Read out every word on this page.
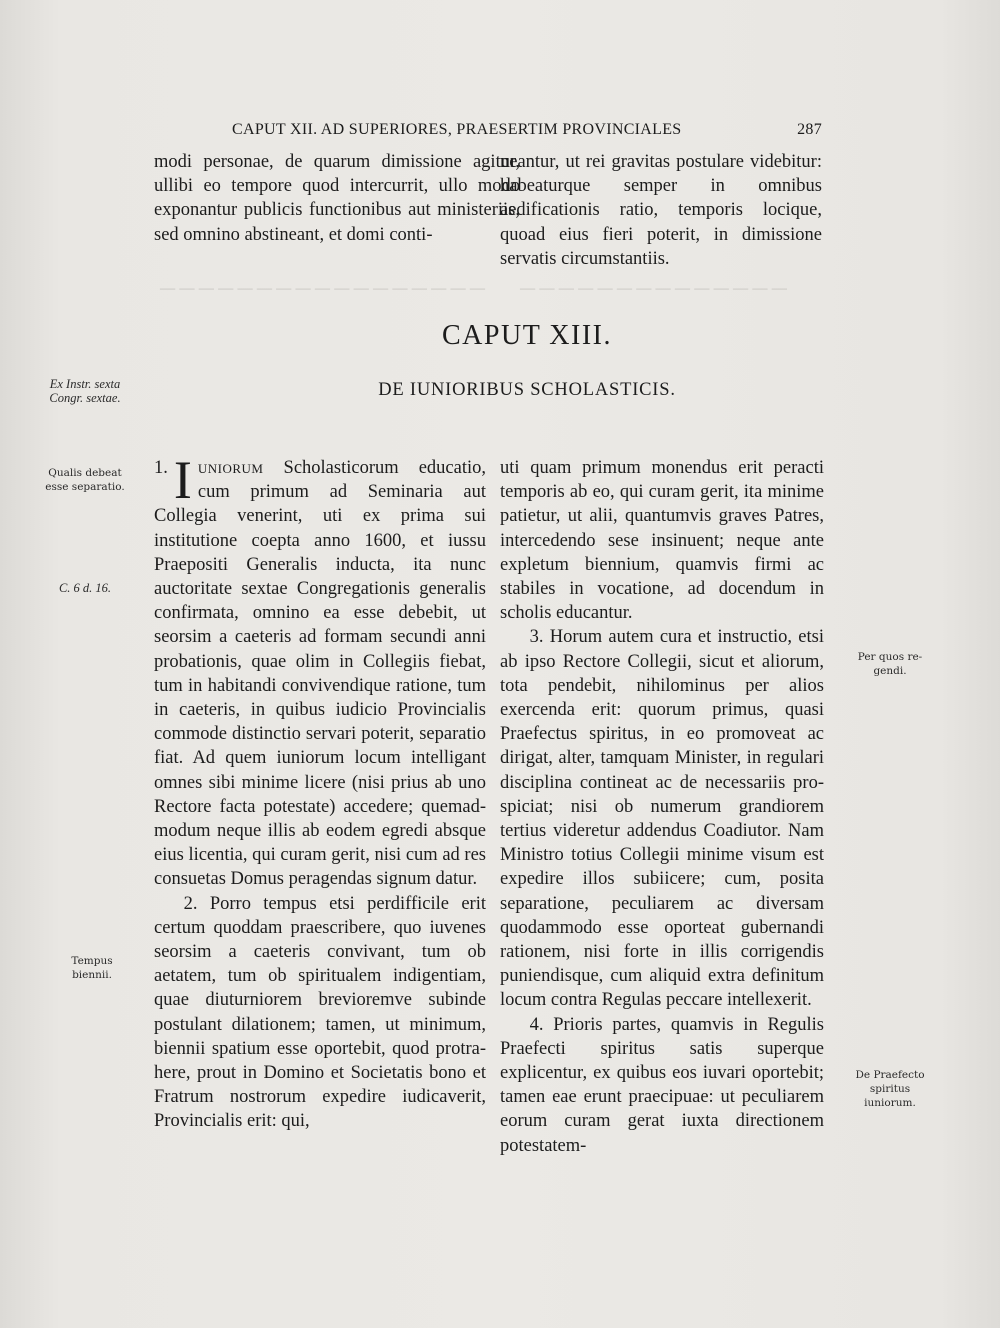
— — — — — — — — — — — — — — — — — — — — — — — — — — — — — — —
CAPUT XII. AD SUPERIORES, PRAESERTIM PROVINCIALES	287

modi personae, de quarum dimissione agitur, ullibi eo tempore quod intercurrit, ullo modo exponantur publicis functionibus aut ministeriis, sed omnino abstineant, et domi conti-

neantur, ut rei gravitas postulare videbitur: habeaturque semper in omnibus aedificationis ratio, temporis locique, quoad eius fieri poterit, in dimissione servatis circumstantiis.

CAPUT XIII.
DE IUNIORIBUS SCHOLASTICIS.

1. I uniorum Scholasticorum educatio, cum primum ad Seminaria aut Collegia venerint, uti ex prima sui institutione coepta anno 1600, et iussu Praepositi Generalis inducta, ita nunc auctoritate sextae Congregationis generalis confirmata, omnino ea esse debebit, ut seorsim a caeteris ad formam secundi anni probationis, quae olim in Collegiis fiebat, tum in habitandi convivendique ratione, tum in caeteris, in quibus iudicio Provincialis commode distinctio servari poterit, separatio fiat. Ad quem iuniorum locum intelligant omnes sibi minime licere (nisi prius ab uno Rectore facta potestate) accedere; quemadmodum neque illis ab eodem egredi absque eius licentia, qui curam gerit, nisi cum ad res consuetas Domus peragendas signum datur.

2. Porro tempus etsi perdifficile erit certum quoddam praescribere, quo iuvenes seorsim a caeteris convivant, tum ob aetatem, tum ob spiritualem indigentiam, quae diuturniorem brevioremve subinde postulant dilationem; tamen, ut minimum, biennii spatium esse oportebit, quod protrahere, prout in Domino et Societatis bono et Fratrum nostrorum expedire iudicaverit, Provincialis erit: qui,

uti quam primum monendus erit peracti temporis ab eo, qui curam gerit, ita minime patietur, ut alii, quantumvis graves Patres, intercedendo sese insinuent; neque ante expletum biennium, quamvis firmi ac stabiles in vocatione, ad docendum in scholis educantur.

3. Horum autem cura et instructio, etsi ab ipso Rectore Collegii, sicut et aliorum, tota pendebit, nihilominus per alios exercenda erit: quorum primus, quasi Praefectus spiritus, in eo promoveat ac dirigat, alter, tamquam Minister, in regulari disciplina contineat ac de necessariis prospiciat; nisi ob numerum grandiorem tertius videretur addendus Coadiutor. Nam Ministro totius Collegii minime visum est expedire illos subiicere; cum, posita separatione, peculiarem ac diversam quodammodo esse oporteat gubernandi rationem, nisi forte in illis corrigendis puniendisque, cum aliquid extra definitum locum contra Regulas peccare intellexerit.

4. Prioris partes, quamvis in Regulis Praefecti spiritus satis superque explicentur, ex quibus eos iuvari oportebit; tamen eae erunt praecipuae: ut peculiarem eorum curam gerat iuxta directionem potestatem-

Ex Instr. sexta
Congr. sextae.
Qualis debeat
esse separatio.
C. 6 d. 16.
Tempus
biennii.
Per quos re-
gendi.
De Praefecto
spiritus
iuniorum.
